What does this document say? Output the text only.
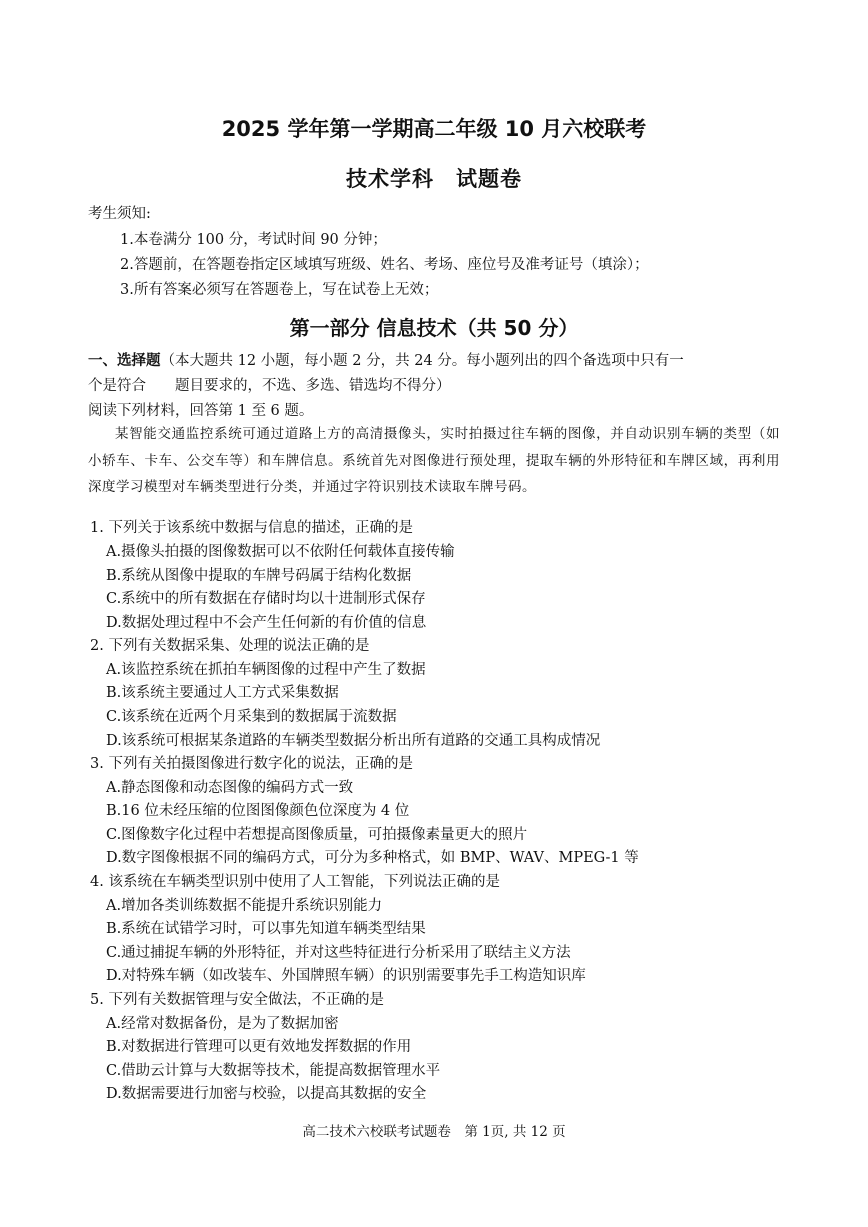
2025 学年第一学期高二年级 10 月六校联考
技术学科　试题卷
考生须知:
1.本卷满分 100 分，考试时间 90 分钟；
2.答题前，在答题卷指定区域填写班级、姓名、考场、座位号及准考证号（填涂）；
3.所有答案必须写在答题卷上，写在试卷上无效；
第一部分 信息技术（共 50 分）
一、选择题（本大题共 12 小题，每小题 2 分，共 24 分。每小题列出的四个备选项中只有一
个是符合　　题目要求的，不选、多选、错选均不得分）
阅读下列材料，回答第 1 至 6 题。
某智能交通监控系统可通过道路上方的高清摄像头，实时拍摄过往车辆的图像，并自动识别车辆的类型（如小轿车、卡车、公交车等）和车牌信息。系统首先对图像进行预处理，提取车辆的外形特征和车牌区域，再利用深度学习模型对车辆类型进行分类，并通过字符识别技术读取车牌号码。
1. 下列关于该系统中数据与信息的描述，正确的是
A.摄像头拍摄的图像数据可以不依附任何载体直接传输
B.系统从图像中提取的车牌号码属于结构化数据
C.系统中的所有数据在存储时均以十进制形式保存
D.数据处理过程中不会产生任何新的有价值的信息
2. 下列有关数据采集、处理的说法正确的是
A.该监控系统在抓拍车辆图像的过程中产生了数据
B.该系统主要通过人工方式采集数据
C.该系统在近两个月采集到的数据属于流数据
D.该系统可根据某条道路的车辆类型数据分析出所有道路的交通工具构成情况
3. 下列有关拍摄图像进行数字化的说法，正确的是
A.静态图像和动态图像的编码方式一致
B.16 位未经压缩的位图图像颜色位深度为 4 位
C.图像数字化过程中若想提高图像质量，可拍摄像素量更大的照片
D.数字图像根据不同的编码方式，可分为多种格式，如 BMP、WAV、MPEG-1 等
4. 该系统在车辆类型识别中使用了人工智能，下列说法正确的是
A.增加各类训练数据不能提升系统识别能力
B.系统在试错学习时，可以事先知道车辆类型结果
C.通过捕捉车辆的外形特征，并对这些特征进行分析采用了联结主义方法
D.对特殊车辆（如改装车、外国牌照车辆）的识别需要事先手工构造知识库
5. 下列有关数据管理与安全做法，不正确的是
A.经常对数据备份，是为了数据加密
B.对数据进行管理可以更有效地发挥数据的作用
C.借助云计算与大数据等技术，能提高数据管理水平
D.数据需要进行加密与校验，以提高其数据的安全
高二技术六校联考试题卷　第 1页, 共 12 页
